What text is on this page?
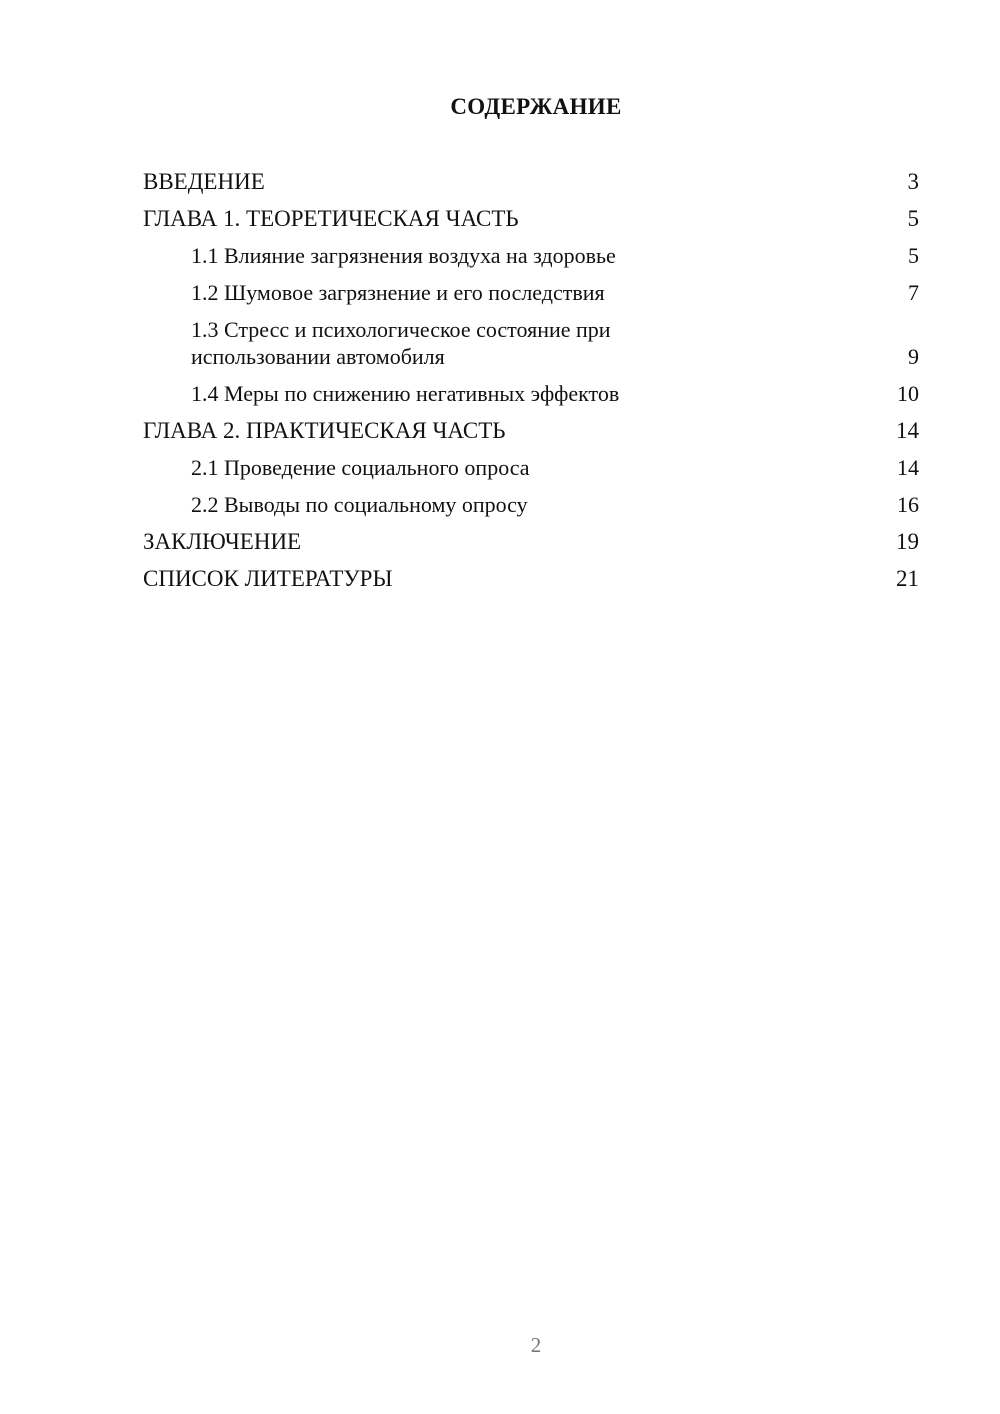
СОДЕРЖАНИЕ
ВВЕДЕНИЕ	3
ГЛАВА 1. ТЕОРЕТИЧЕСКАЯ ЧАСТЬ	5
1.1 Влияние загрязнения воздуха на здоровье	5
1.2 Шумовое загрязнение и его последствия	7
1.3 Стресс и психологическое состояние при использовании автомобиля	9
1.4 Меры по снижению негативных эффектов	10
ГЛАВА 2. ПРАКТИЧЕСКАЯ ЧАСТЬ	14
2.1 Проведение социального опроса	14
2.2 Выводы по социальному опросу	16
ЗАКЛЮЧЕНИЕ	19
СПИСОК ЛИТЕРАТУРЫ	21
2
